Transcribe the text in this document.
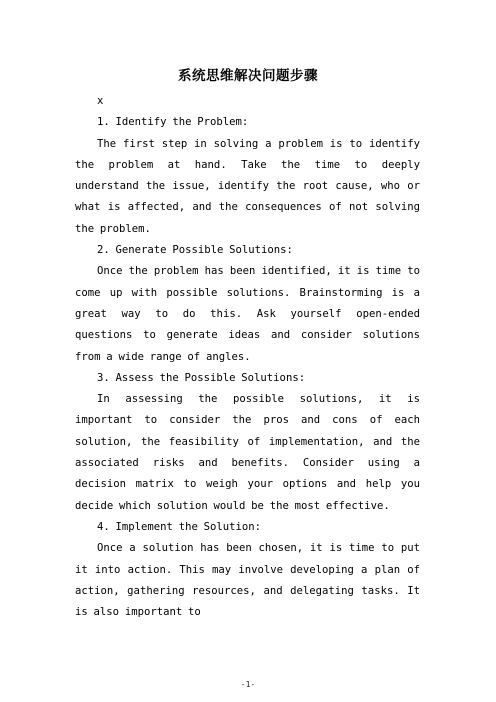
系统思维解决问题步骤

x

1. Identify the Problem:

The first step in solving a problem is to identify the problem at hand. Take the time to deeply understand the issue, identify the root cause, who or what is affected, and the consequences of not solving the problem.

2. Generate Possible Solutions:

Once the problem has been identified, it is time to come up with possible solutions. Brainstorming is a great way to do this. Ask yourself open-ended questions to generate ideas and consider solutions from a wide range of angles.

3. Assess the Possible Solutions:

In assessing the possible solutions, it is important to consider the pros and cons of each solution, the feasibility of implementation, and the associated risks and benefits. Consider using a decision matrix to weigh your options and help you decide which solution would be the most effective.

4. Implement the Solution:

Once a solution has been chosen, it is time to put it into action. This may involve developing a plan of action, gathering resources, and delegating tasks. It is also important to

-1-
